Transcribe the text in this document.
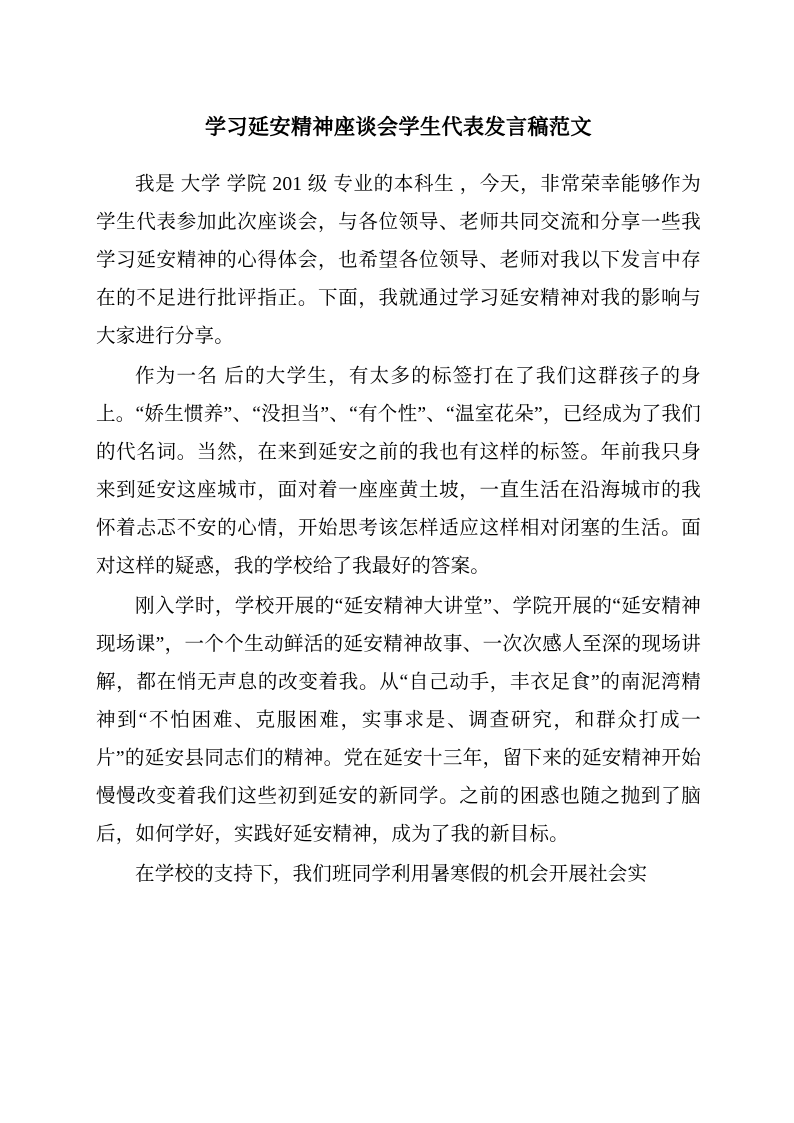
学习延安精神座谈会学生代表发言稿范文

我是 大学 学院 201 级 专业的本科生 ，今天，非常荣幸能够作为学生代表参加此次座谈会，与各位领导、老师共同交流和分享一些我学习延安精神的心得体会，也希望各位领导、老师对我以下发言中存在的不足进行批评指正。下面，我就通过学习延安精神对我的影响与大家进行分享。

作为一名 后的大学生，有太多的标签打在了我们这群孩子的身上。“娇生惯养”、“没担当”、“有个性”、“温室花朵”，已经成为了我们的代名词。当然，在来到延安之前的我也有这样的标签。年前我只身来到延安这座城市，面对着一座座黄土坡，一直生活在沿海城市的我怀着忐忑不安的心情，开始思考该怎样适应这样相对闭塞的生活。面对这样的疑惑，我的学校给了我最好的答案。

刚入学时，学校开展的“延安精神大讲堂”、学院开展的“延安精神现场课”，一个个生动鲜活的延安精神故事、一次次感人至深的现场讲解，都在悄无声息的改变着我。从“自己动手，丰衣足食”的南泥湾精神到“不怕困难、克服困难，实事求是、调查研究，和群众打成一片”的延安县同志们的精神。党在延安十三年，留下来的延安精神开始慢慢改变着我们这些初到延安的新同学。之前的困惑也随之抛到了脑后，如何学好，实践好延安精神，成为了我的新目标。

在学校的支持下，我们班同学利用暑寒假的机会开展社会实
